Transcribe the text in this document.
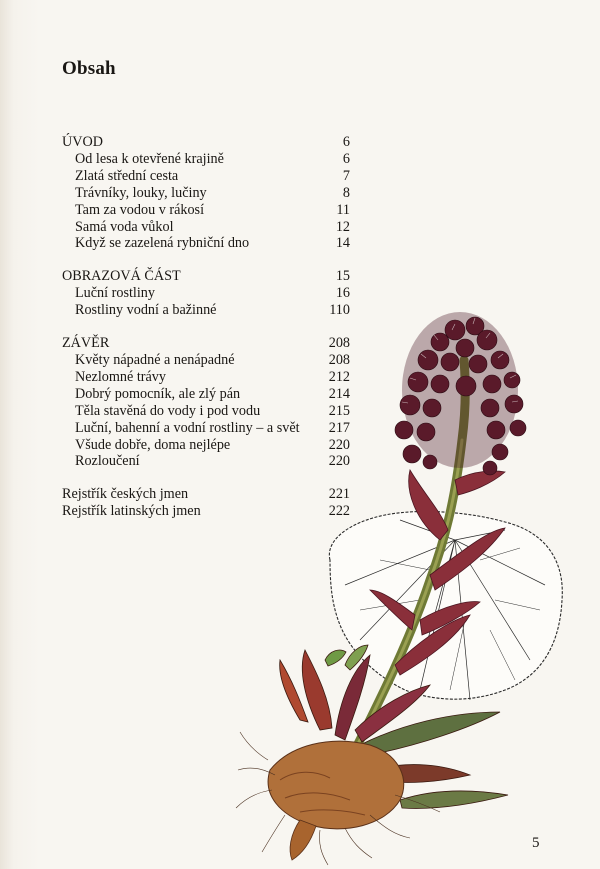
Obsah
ÚVOD	6
Od lesa k otevřené krajině	6
Zlatá střední cesta	7
Trávníky, louky, lučiny	8
Tam za vodou v rákosí	11
Samá voda vůkol	12
Když se zazelená rybniční dno	14
OBRAZOVÁ ČÁST	15
Luční rostliny	16
Rostliny vodní a bažinné	110
ZÁVĚR	208
Květy nápadné a nenápadné	208
Nezlomné trávy	212
Dobrý pomocník, ale zlý pán	214
Těla stavěná do vody i pod vodu	215
Luční, bahenní a vodní rostliny – a svět	217
Všude dobře, doma nejlépe	220
Rozloučení	220
Rejstřík českých jmen	221
Rejstřík latinských jmen	222
5
